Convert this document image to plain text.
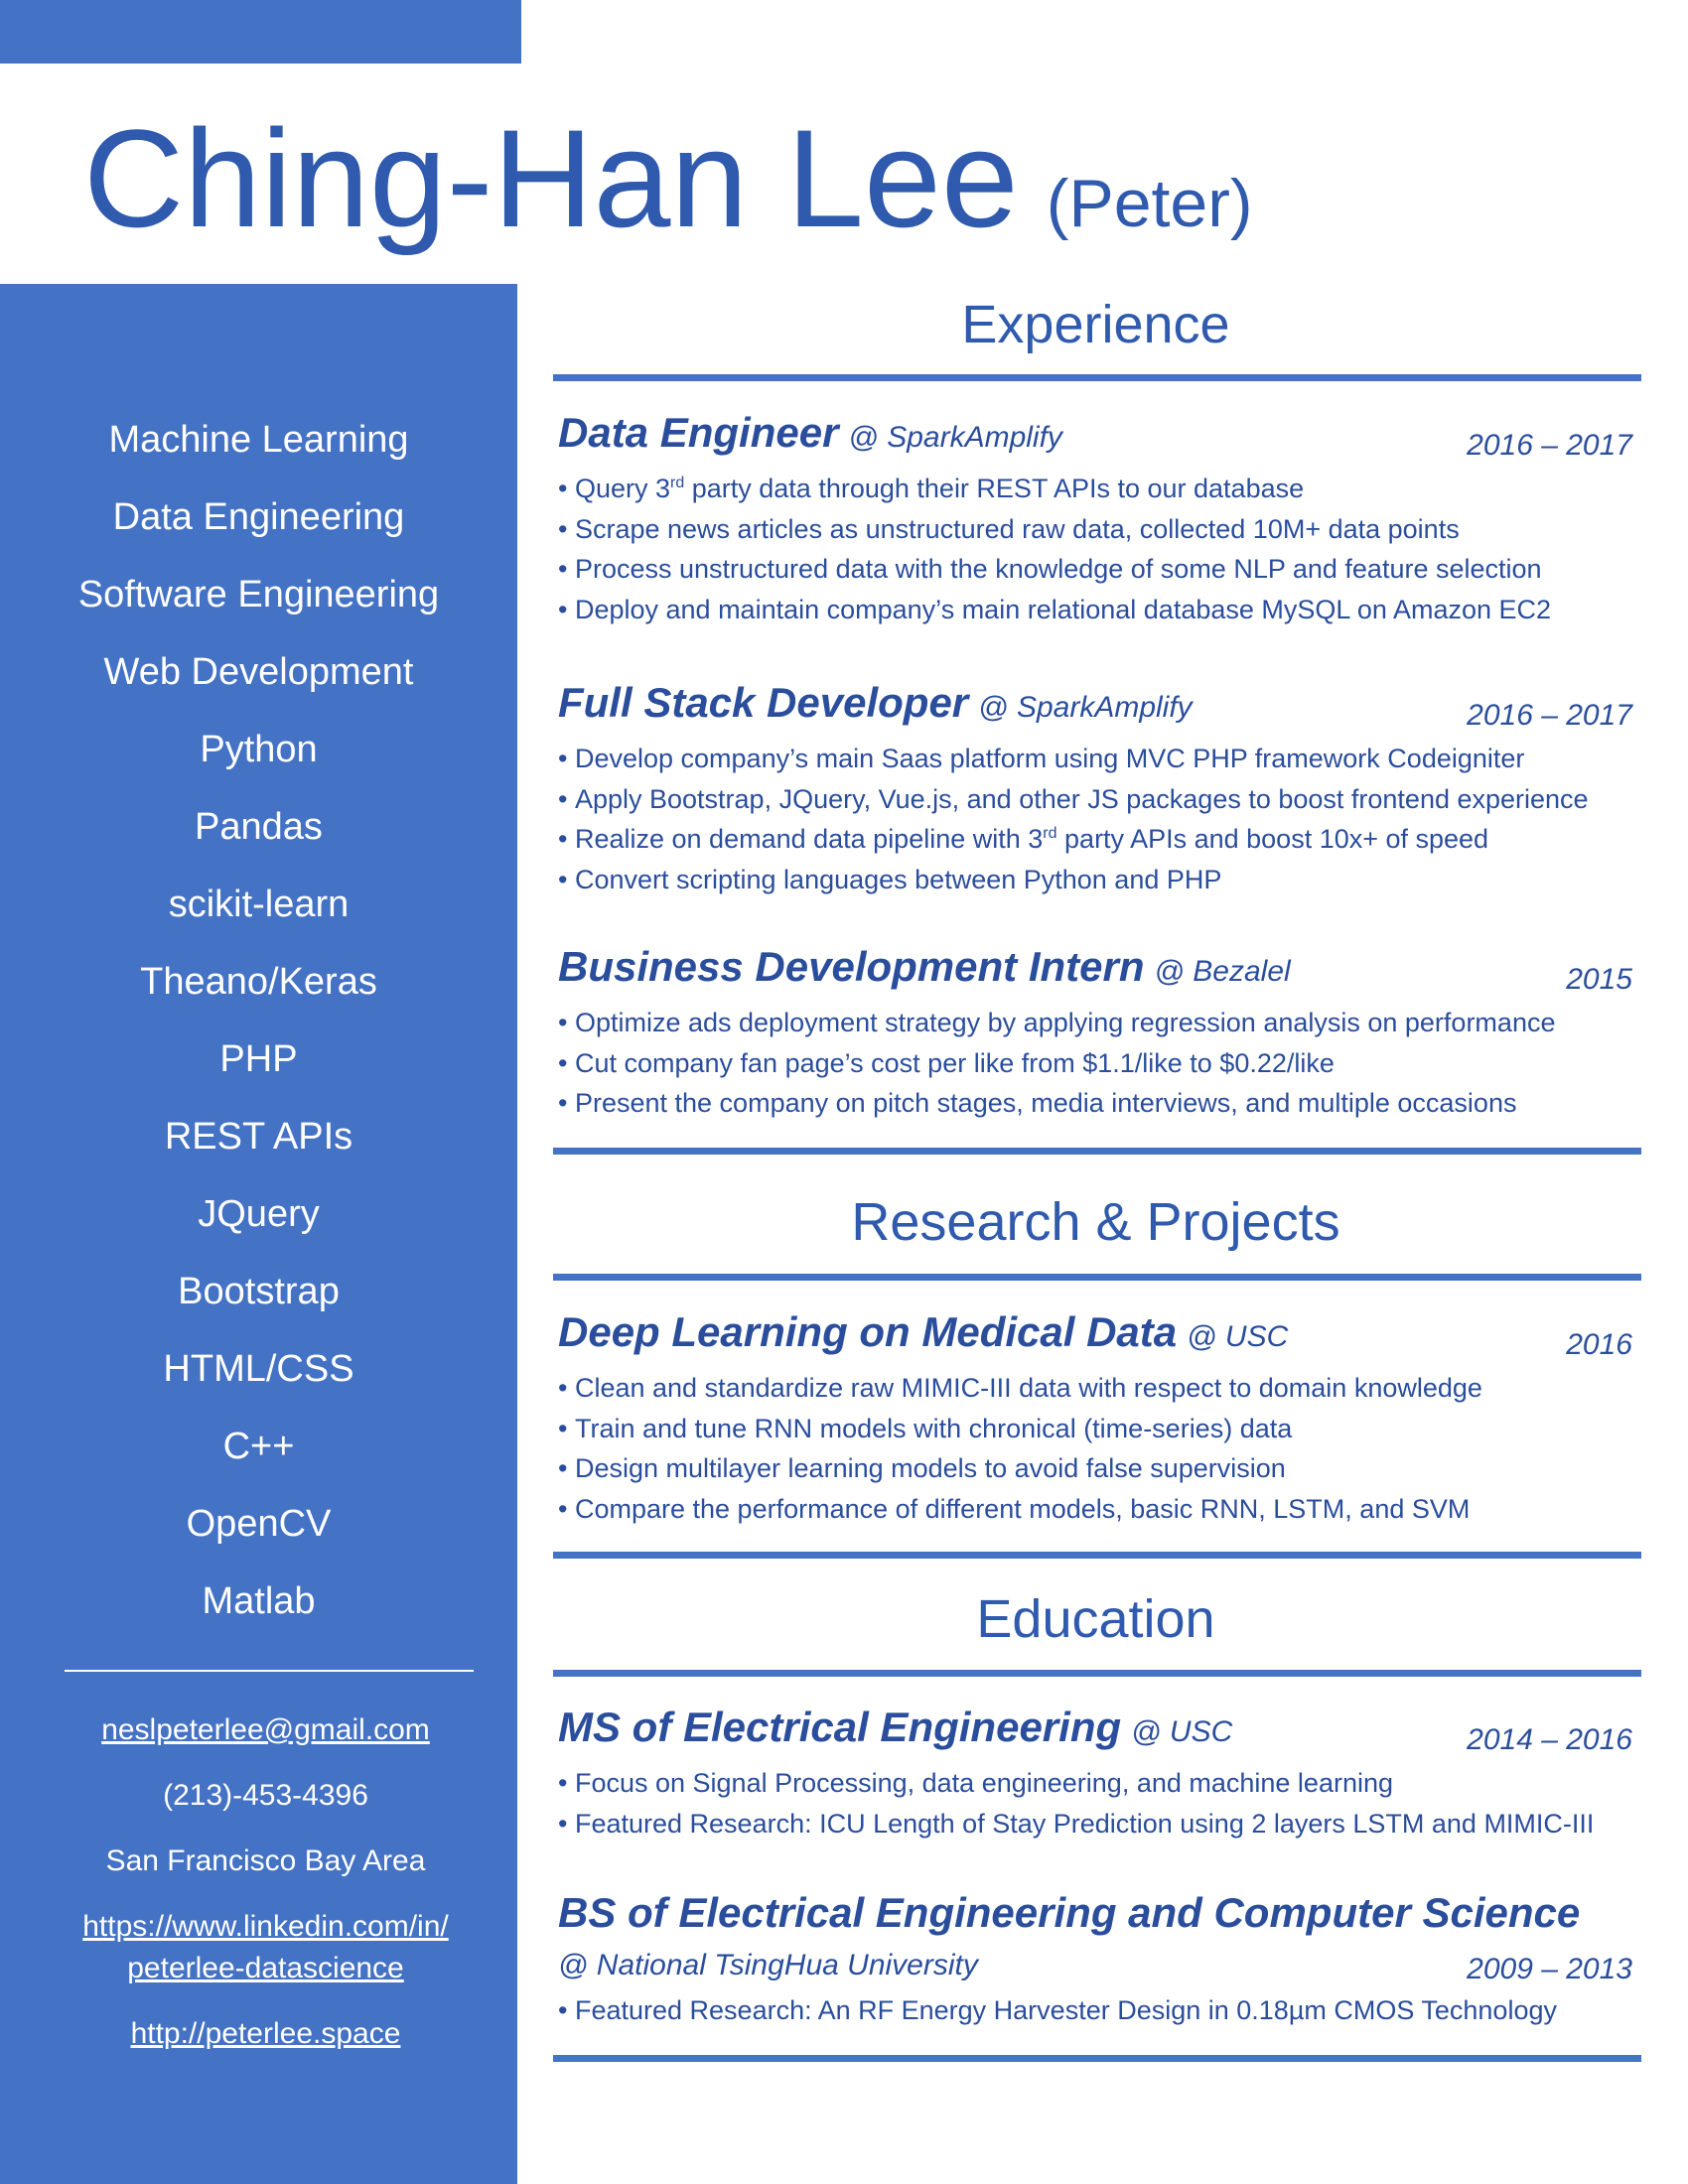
Ching-Han Lee (Peter)
Machine Learning
Data Engineering
Software Engineering
Web Development
Python
Pandas
scikit-learn
Theano/Keras
PHP
REST APIs
JQuery
Bootstrap
HTML/CSS
C++
OpenCV
Matlab
neslpeterlee@gmail.com
(213)-453-4396
San Francisco Bay Area
https://www.linkedin.com/in/
peterlee-datascience
http://peterlee.space
Experience
Data Engineer @ SparkAmplify	2016 – 2017
• Query 3rd party data through their REST APIs to our database
• Scrape news articles as unstructured raw data, collected 10M+ data points
• Process unstructured data with the knowledge of some NLP and feature selection
• Deploy and maintain company’s main relational database MySQL on Amazon EC2
Full Stack Developer @ SparkAmplify	2016 – 2017
• Develop company’s main Saas platform using MVC PHP framework Codeigniter
• Apply Bootstrap, JQuery, Vue.js, and other JS packages to boost frontend experience
• Realize on demand data pipeline with 3rd party APIs and boost 10x+ of speed
• Convert scripting languages between Python and PHP
Business Development Intern @ Bezalel	2015
• Optimize ads deployment strategy by applying regression analysis on performance
• Cut company fan page’s cost per like from $1.1/like to $0.22/like
• Present the company on pitch stages, media interviews, and multiple occasions
Research & Projects
Deep Learning on Medical Data @ USC	2016
• Clean and standardize raw MIMIC-III data with respect to domain knowledge
• Train and tune RNN models with chronical (time-series) data
• Design multilayer learning models to avoid false supervision
• Compare the performance of different models, basic RNN, LSTM, and SVM
Education
MS of Electrical Engineering @ USC	2014 – 2016
• Focus on Signal Processing, data engineering, and machine learning
• Featured Research: ICU Length of Stay Prediction using 2 layers LSTM and MIMIC-III
BS of Electrical Engineering and Computer Science
@ National TsingHua University	2009 – 2013
• Featured Research: An RF Energy Harvester Design in 0.18µm CMOS Technology
